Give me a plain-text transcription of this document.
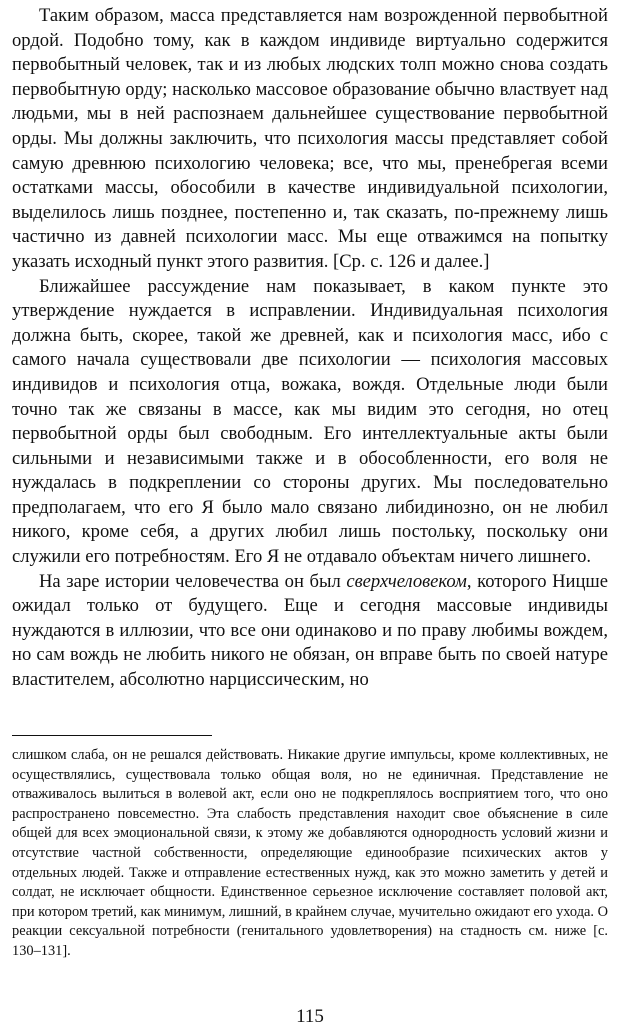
Таким образом, масса представляется нам возрожденной первобытной ордой. Подобно тому, как в каждом индивиде виртуально содержится первобытный человек, так и из любых людских толп можно снова создать первобытную орду; насколько массовое образование обычно властвует над людьми, мы в ней распознаем дальнейшее существование первобытной орды. Мы должны заключить, что психология массы представляет собой самую древнюю психологию человека; все, что мы, пренебрегая всеми остатками массы, обособили в качестве индивидуальной психологии, выделилось лишь позднее, постепенно и, так сказать, по-прежнему лишь частично из давней психологии масс. Мы еще отважимся на попытку указать исходный пункт этого развития. [Ср. с. 126 и далее.]

Ближайшее рассуждение нам показывает, в каком пункте это утверждение нуждается в исправлении. Индивидуальная психология должна быть, скорее, такой же древней, как и психология масс, ибо с самого начала существовали две психологии — психология массовых индивидов и психология отца, вожака, вождя. Отдельные люди были точно так же связаны в массе, как мы видим это сегодня, но отец первобытной орды был свободным. Его интеллектуальные акты были сильными и независимыми также и в обособленности, его воля не нуждалась в подкреплении со стороны других. Мы последовательно предполагаем, что его Я было мало связано либидинозно, он не любил никого, кроме себя, а других любил лишь постольку, поскольку они служили его потребностям. Его Я не отдавало объектам ничего лишнего.

На заре истории человечества он был сверхчеловеком, которого Ницше ожидал только от будущего. Еще и сегодня массовые индивиды нуждаются в иллюзии, что все они одинаково и по праву любимы вождем, но сам вождь не любить никого не обязан, он вправе быть по своей натуре властителем, абсолютно нарциссическим, но

слишком слаба, он не решался действовать. Никакие другие импульсы, кроме коллективных, не осуществлялись, существовала только общая воля, но не единичная. Представление не отваживалось вылиться в волевой акт, если оно не подкреплялось восприятием того, что оно распространено повсеместно. Эта слабость представления находит свое объяснение в силе общей для всех эмоциональной связи, к этому же добавляются однородность условий жизни и отсутствие частной собственности, определяющие единообразие психических актов у отдельных людей. Также и отправление естественных нужд, как это можно заметить у детей и солдат, не исключает общности. Единственное серьезное исключение составляет половой акт, при котором третий, как минимум, лишний, в крайнем случае, мучительно ожидают его ухода. О реакции сексуальной потребности (генитального удовлетворения) на стадность см. ниже [с. 130–131].

115
